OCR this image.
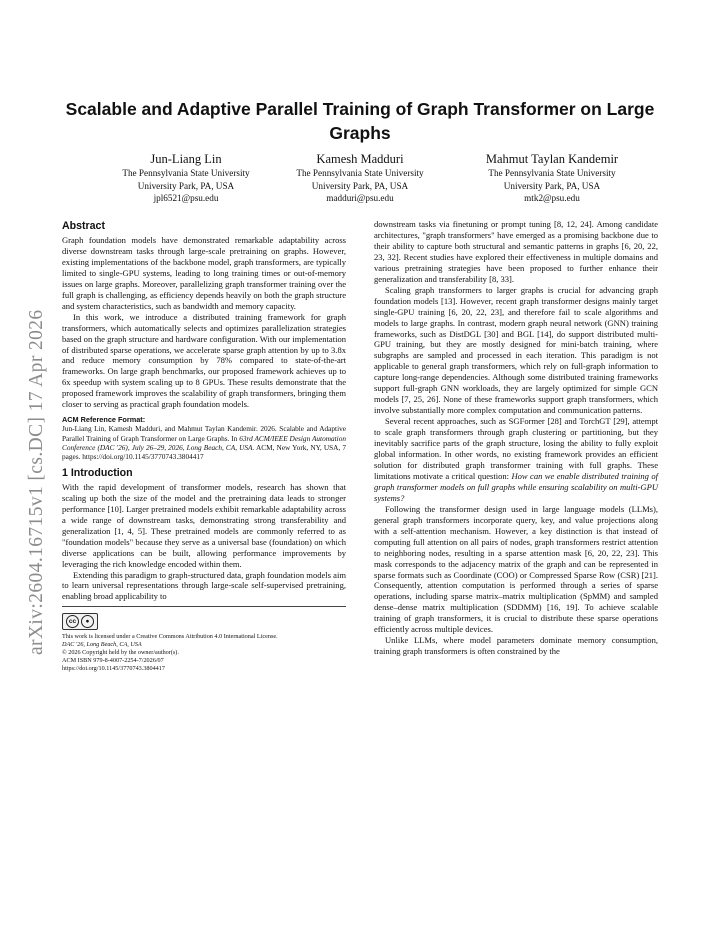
arXiv:2604.16715v1 [cs.DC] 17 Apr 2026
Scalable and Adaptive Parallel Training of Graph Transformer on Large Graphs
Jun-Liang Lin
The Pennsylvania State University
University Park, PA, USA
jpl6521@psu.edu
Kamesh Madduri
The Pennsylvania State University
University Park, PA, USA
madduri@psu.edu
Mahmut Taylan Kandemir
The Pennsylvania State University
University Park, PA, USA
mtk2@psu.edu
Abstract

Graph foundation models have demonstrated remarkable adaptability across diverse downstream tasks through large-scale pretraining on graphs. However, existing implementations of the backbone model, graph transformers, are typically limited to single-GPU systems, leading to long training times or out-of-memory issues on large graphs. Moreover, parallelizing graph transformer training over the full graph is challenging, as efficiency depends heavily on both the graph structure and system characteristics, such as bandwidth and memory capacity.

In this work, we introduce a distributed training framework for graph transformers, which automatically selects and optimizes parallelization strategies based on the graph structure and hardware configuration. With our implementation of distributed sparse operations, we accelerate sparse graph attention by up to 3.8x and reduce memory consumption by 78% compared to state-of-the-art frameworks. On large graph benchmarks, our proposed framework achieves up to 6x speedup with system scaling up to 8 GPUs. These results demonstrate that the proposed framework improves the scalability of graph transformers, bringing them closer to serving as practical graph foundation models.

ACM Reference Format:
Jun-Liang Lin, Kamesh Madduri, and Mahmut Taylan Kandemir. 2026. Scalable and Adaptive Parallel Training of Graph Transformer on Large Graphs. In 63rd ACM/IEEE Design Automation Conference (DAC '26), July 26–29, 2026, Long Beach, CA, USA. ACM, New York, NY, USA, 7 pages. https://doi.org/10.1145/3770743.3804417
1 Introduction

With the rapid development of transformer models, research has shown that scaling up both the size of the model and the pretraining data leads to stronger performance [10]. Larger pretrained models exhibit remarkable adaptability across a wide range of downstream tasks, demonstrating strong transferability and generalization [1, 4, 5]. These pretrained models are commonly referred to as "foundation models" because they serve as a universal base (foundation) on which diverse applications can be built, allowing performance improvements by leveraging the rich knowledge encoded within them.

Extending this paradigm to graph-structured data, graph foundation models aim to learn universal representations through large-scale self-supervised pretraining, enabling broad applicability to

cc	●
This work is licensed under a Creative Commons Attribution 4.0 International License.
DAC '26, Long Beach, CA, USA
© 2026 Copyright held by the owner/author(s).
ACM ISBN 979-8-4007-2254-7/2026/07
https://doi.org/10.1145/3770743.3804417

downstream tasks via finetuning or prompt tuning [8, 12, 24]. Among candidate architectures, "graph transformers" have emerged as a promising backbone due to their ability to capture both structural and semantic patterns in graphs [6, 20, 22, 23, 32]. Recent studies have explored their effectiveness in multiple domains and various pretraining strategies have been proposed to further enhance their generalization and transferability [8, 33].

Scaling graph transformers to larger graphs is crucial for advancing graph foundation models [13]. However, recent graph transformer designs mainly target single-GPU training [6, 20, 22, 23], and therefore fail to scale algorithms and models to large graphs. In contrast, modern graph neural network (GNN) training frameworks, such as DistDGL [30] and BGL [14], do support distributed multi-GPU training, but they are mostly designed for mini-batch training, where subgraphs are sampled and processed in each iteration. This paradigm is not applicable to general graph transformers, which rely on full-graph information to capture long-range dependencies. Although some distributed training frameworks support full-graph GNN workloads, they are largely optimized for simple GCN models [7, 25, 26]. None of these frameworks support graph transformers, which involve substantially more complex computation and communication patterns.

Several recent approaches, such as SGFormer [28] and TorchGT [29], attempt to scale graph transformers through graph clustering or partitioning, but they inevitably sacrifice parts of the graph structure, losing the ability to fully exploit global information. In other words, no existing framework provides an efficient solution for distributed graph transformer training with full graphs. These limitations motivate a critical question: How can we enable distributed training of graph transformer models on full graphs while ensuring scalability on multi-GPU systems?

Following the transformer design used in large language models (LLMs), general graph transformers incorporate query, key, and value projections along with a self-attention mechanism. However, a key distinction is that instead of computing full attention on all pairs of nodes, graph transformers restrict attention to neighboring nodes, resulting in a sparse attention mask [6, 20, 22, 23]. This mask corresponds to the adjacency matrix of the graph and can be represented in sparse formats such as Coordinate (COO) or Compressed Sparse Row (CSR) [21]. Consequently, attention computation is performed through a series of sparse operations, including sparse matrix–matrix multiplication (SpMM) and sampled dense–dense matrix multiplication (SDDMM) [16, 19]. To achieve scalable training of graph transformers, it is crucial to distribute these sparse operations efficiently across multiple devices.

Unlike LLMs, where model parameters dominate memory consumption, training graph transformers is often constrained by the
